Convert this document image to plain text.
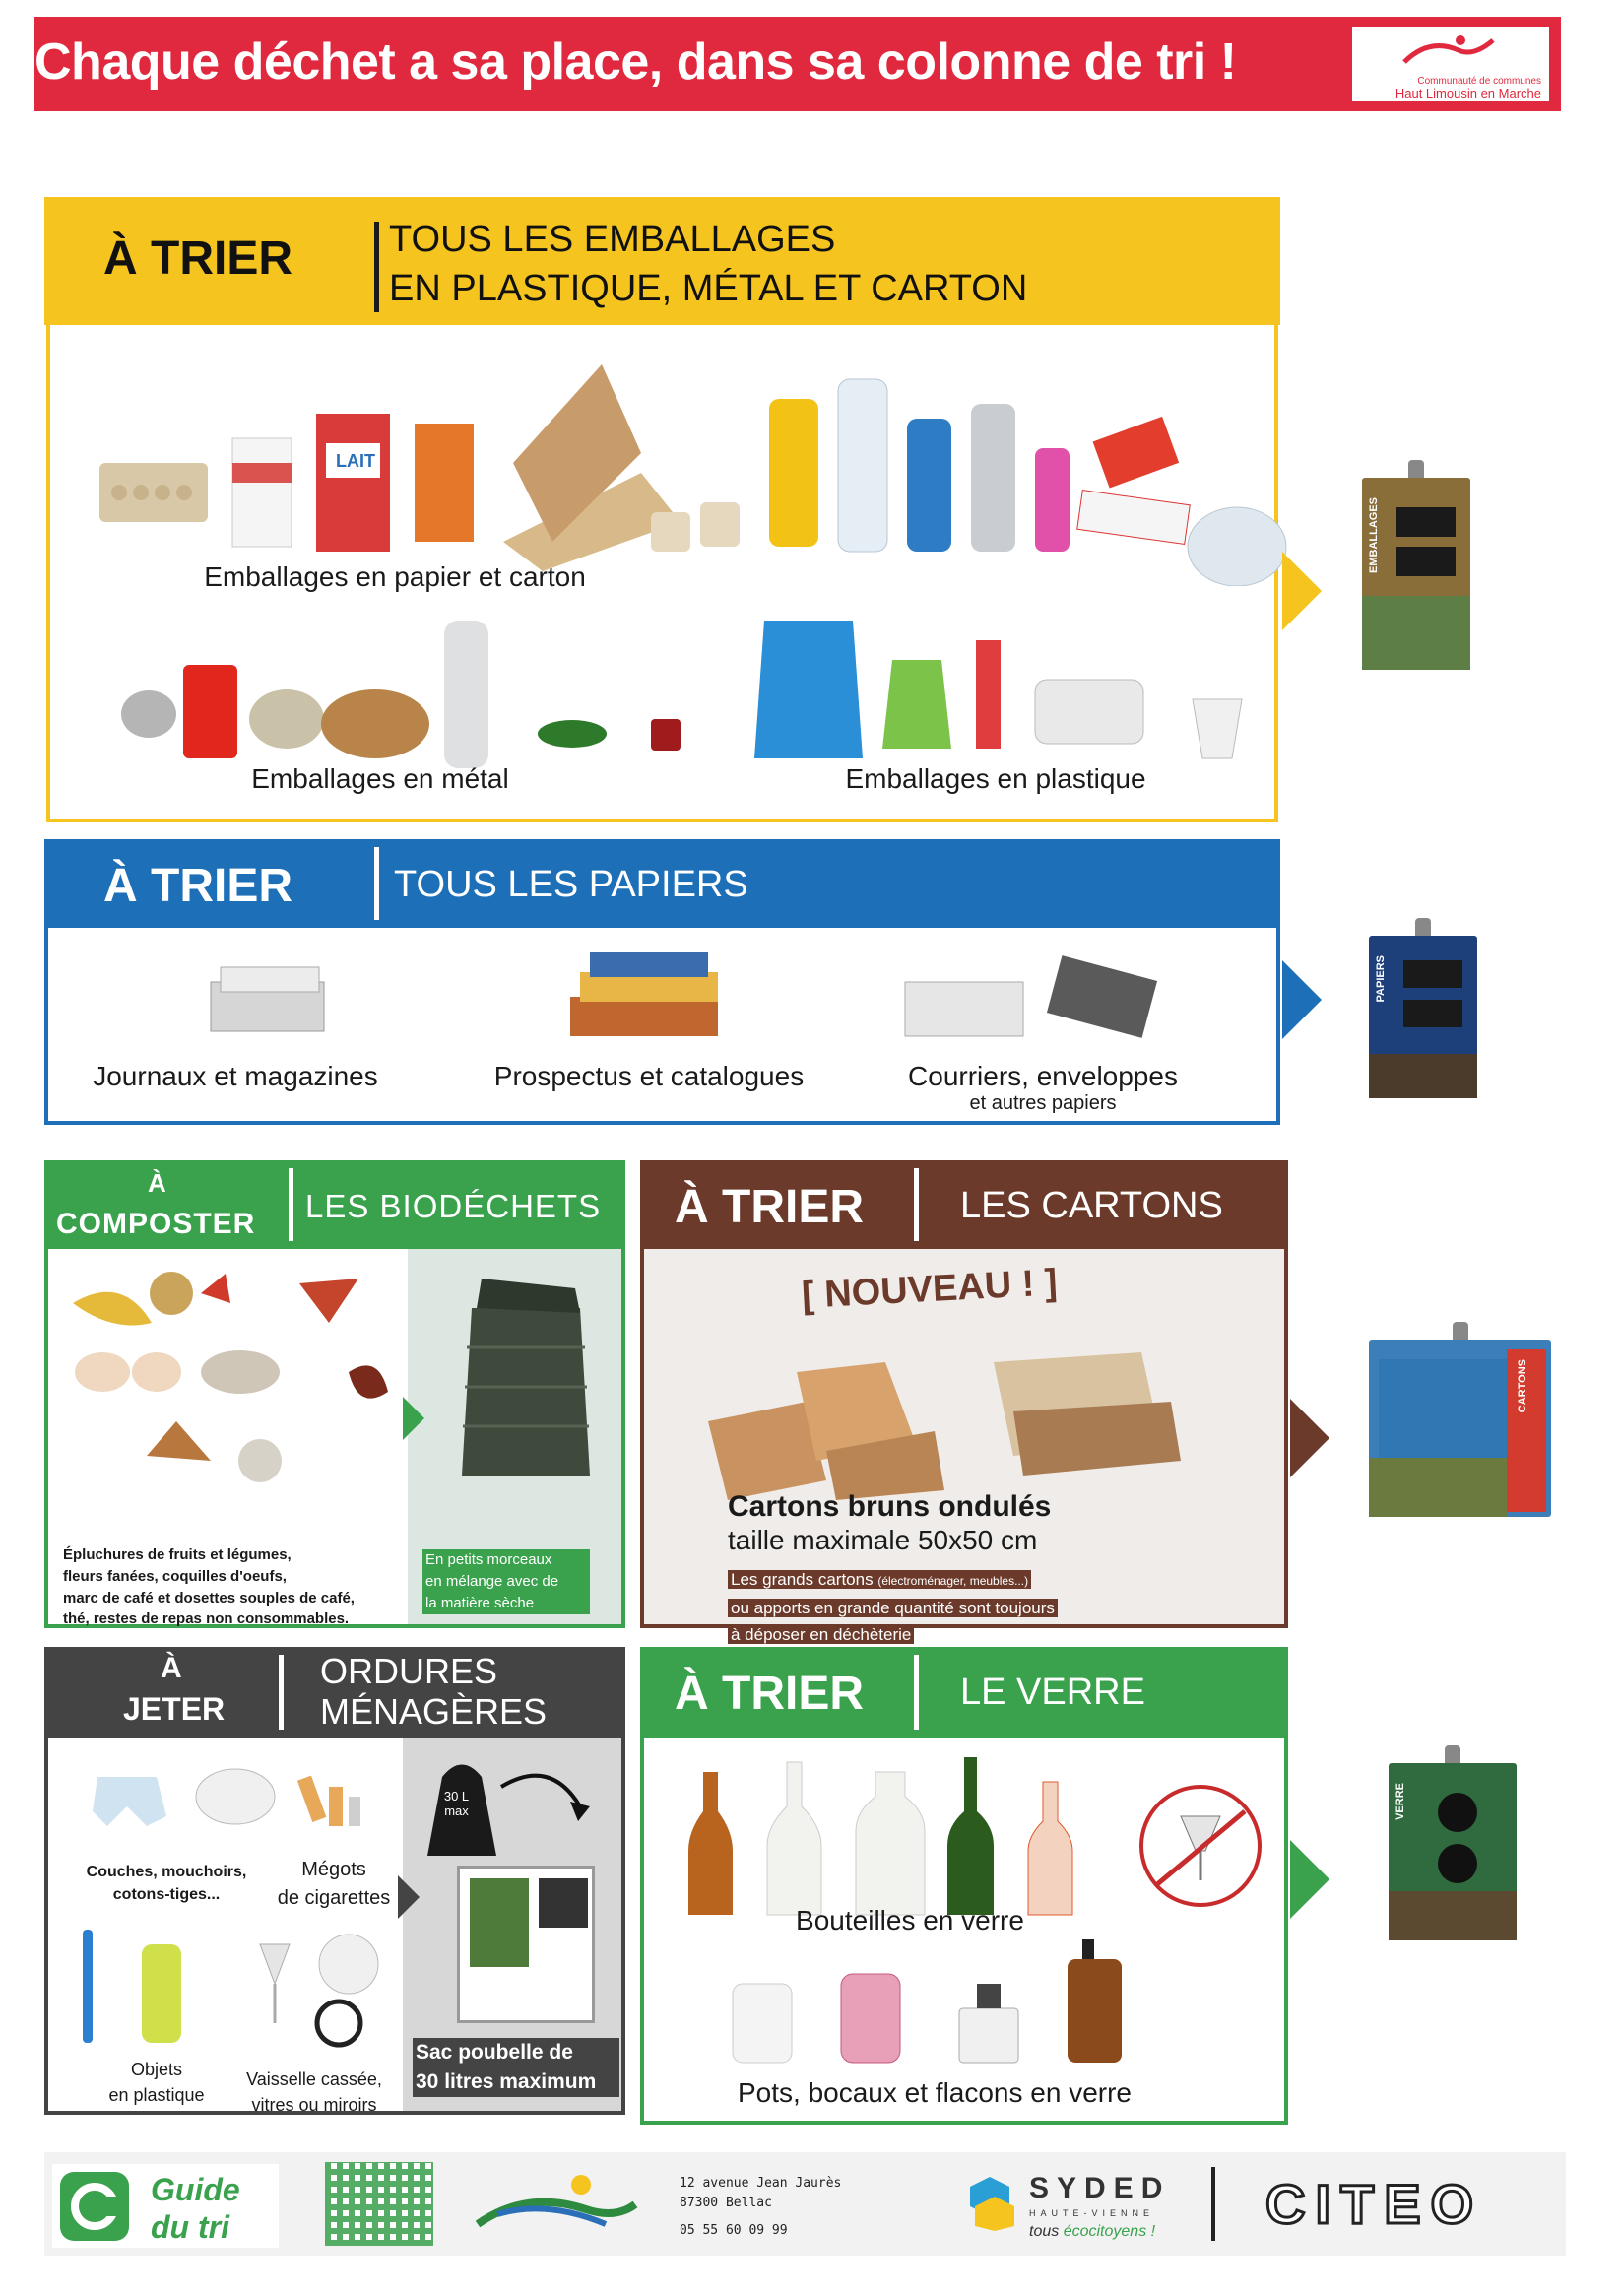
Chaque déchet a sa place, dans sa colonne de tri !	Communauté de communes
Haut Limousin en Marche
À TRIER	TOUS LES EMBALLAGES
EN PLASTIQUE, MÉTAL ET CARTON
LAIT
Emballages en papier et carton
Emballages en métal	Emballages en plastique
EMBALLAGES
À TRIER	TOUS LES PAPIERS
Journaux et magazines	Prospectus et catalogues	Courriers, enveloppes
et autres papiers
PAPIERS
À
COMPOSTER LES BIODÉCHETS
Épluchures de fruits et légumes,
fleurs fanées, coquilles d'oeufs,
marc de café et dosettes souples de café,
thé, restes de repas non consommables.
En petits morceaux
en mélange avec de
la matière sèche
À TRIER	LES CARTONS
[ NOUVEAU ! ]
Cartons bruns ondulés
taille maximale 50x50 cm
Les grands cartons (électroménager, meubles...)
ou apports en grande quantité sont toujours
à déposer en déchèterie
CARTONS
À
JETER
ORDURES
MÉNAGÈRES
Couches, mouchoirs,
cotons-tiges...
Mégots
de cigarettes
Objets
en plastique
Vaisselle cassée,
vitres ou miroirs
30 L
max
Sac poubelle de
30 litres maximum
À TRIER	LE VERRE
Bouteilles en verre
Pots, bocaux et flacons en verre
VERRE
Guide
du tri
12 avenue Jean Jaurès
87300 Bellac
05 55 60 09 99
SYDED
HAUTE-VIENNE
tous écocitoyens ! CITEO
